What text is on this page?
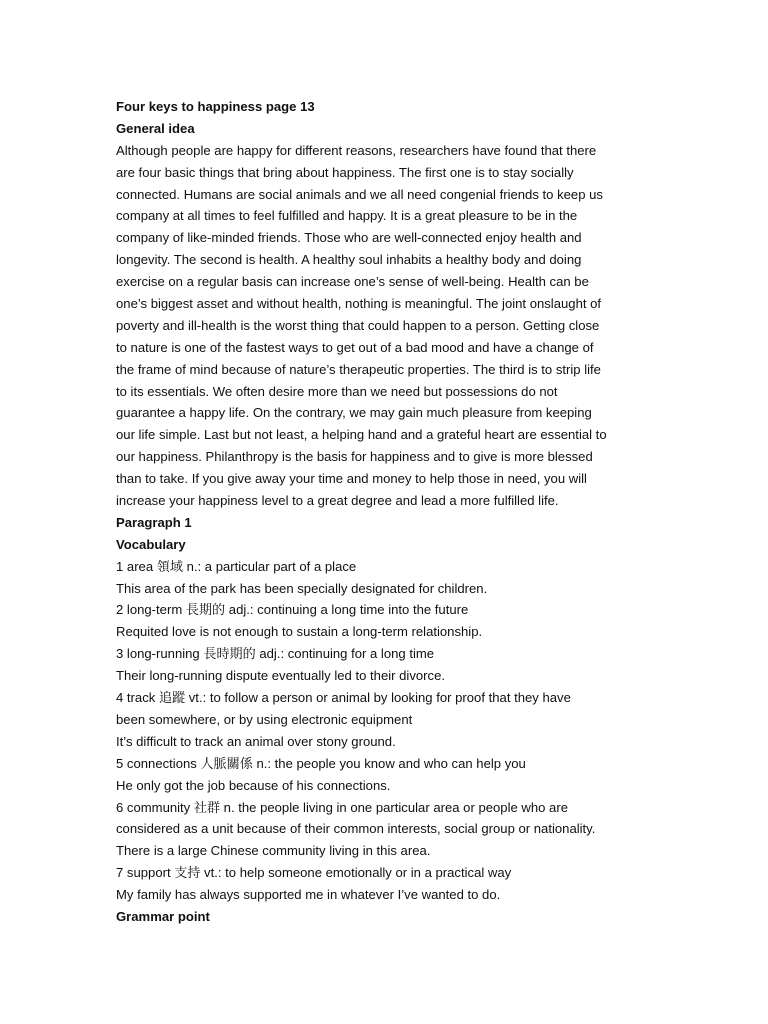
Four keys to happiness page 13
General idea
Although people are happy for different reasons, researchers have found that there
are four basic things that bring about happiness. The first one is to stay socially
connected. Humans are social animals and we all need congenial friends to keep us
company at all times to feel fulfilled and happy. It is a great pleasure to be in the
company of like-minded friends. Those who are well-connected enjoy health and
longevity. The second is health. A healthy soul inhabits a healthy body and doing
exercise on a regular basis can increase one’s sense of well-being. Health can be
one’s biggest asset and without health, nothing is meaningful. The joint onslaught of
poverty and ill-health is the worst thing that could happen to a person. Getting close
to nature is one of the fastest ways to get out of a bad mood and have a change of
the frame of mind because of nature’s therapeutic properties. The third is to strip life
to its essentials. We often desire more than we need but possessions do not
guarantee a happy life. On the contrary, we may gain much pleasure from keeping
our life simple. Last but not least, a helping hand and a grateful heart are essential to
our happiness. Philanthropy is the basis for happiness and to give is more blessed
than to take. If you give away your time and money to help those in need, you will
increase your happiness level to a great degree and lead a more fulfilled life.
Paragraph 1
Vocabulary
1 area 領域 n.: a particular part of a place
This area of the park has been specially designated for children.
2 long-term 長期的 adj.: continuing a long time into the future
Requited love is not enough to sustain a long-term relationship.
3 long-running 長時期的 adj.: continuing for a long time
Their long-running dispute eventually led to their divorce.
4 track 追蹤 vt.: to follow a person or animal by looking for proof that they have
been somewhere, or by using electronic equipment
It’s difficult to track an animal over stony ground.
5 connections 人脈關係 n.: the people you know and who can help you
He only got the job because of his connections.
6 community 社群 n. the people living in one particular area or people who are
considered as a unit because of their common interests, social group or nationality.
There is a large Chinese community living in this area.
7 support 支持 vt.: to help someone emotionally or in a practical way
My family has always supported me in whatever I’ve wanted to do.
Grammar point
